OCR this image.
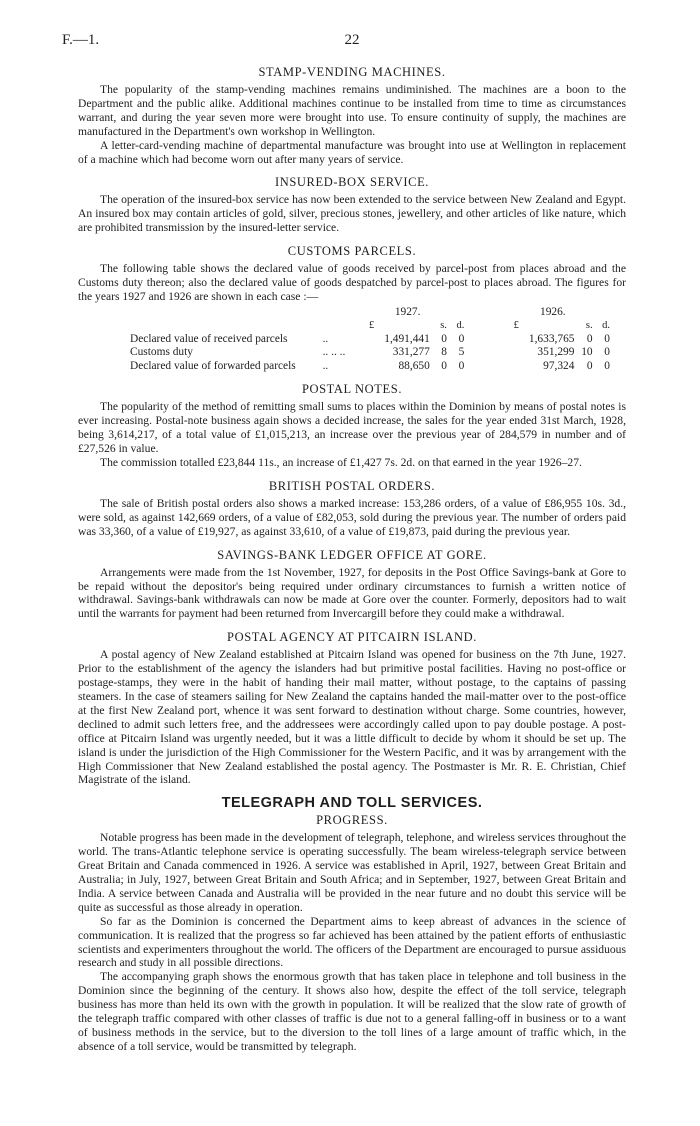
F.—1.	22
STAMP-VENDING MACHINES.

The popularity of the stamp-vending machines remains undiminished. The machines are a boon to the Department and the public alike. Additional machines continue to be installed from time to time as circumstances warrant, and during the year seven more were brought into use. To ensure continuity of supply, the machines are manufactured in the Department's own workshop in Wellington.

A letter-card-vending machine of departmental manufacture was brought into use at Wellington in replacement of a machine which had become worn out after many years of service.

INSURED-BOX SERVICE.

The operation of the insured-box service has now been extended to the service between New Zealand and Egypt. An insured box may contain articles of gold, silver, precious stones, jewellery, and other articles of like nature, which are prohibited transmission by the insured-letter service.

CUSTOMS PARCELS.

The following table shows the declared value of goods received by parcel-post from places abroad and the Customs duty thereon; also the declared value of goods despatched by parcel-post to places abroad. The figures for the years 1927 and 1926 are shown in each case :—

		1927.				1926.		
		£	s.	d.		£	s.	d.
Declared value of received parcels	..	1,491,441	0	0		1,633,765	0	0
Customs duty	.. .. ..	331,277	8	5		351,299	10	0
Declared value of forwarded parcels	..	88,650	0	0		97,324	0	0
POSTAL NOTES.

The popularity of the method of remitting small sums to places within the Dominion by means of postal notes is ever increasing. Postal-note business again shows a decided increase, the sales for the year ended 31st March, 1928, being 3,614,217, of a total value of £1,015,213, an increase over the previous year of 284,579 in number and of £27,526 in value.

The commission totalled £23,844 11s., an increase of £1,427 7s. 2d. on that earned in the year 1926–27.

BRITISH POSTAL ORDERS.

The sale of British postal orders also shows a marked increase: 153,286 orders, of a value of £86,955 10s. 3d., were sold, as against 142,669 orders, of a value of £82,053, sold during the previous year. The number of orders paid was 33,360, of a value of £19,927, as against 33,610, of a value of £19,873, paid during the previous year.

SAVINGS-BANK LEDGER OFFICE AT GORE.

Arrangements were made from the 1st November, 1927, for deposits in the Post Office Savings-bank at Gore to be repaid without the depositor's being required under ordinary circumstances to furnish a written notice of withdrawal. Savings-bank withdrawals can now be made at Gore over the counter. Formerly, depositors had to wait until the warrants for payment had been returned from Invercargill before they could make a withdrawal.

POSTAL AGENCY AT PITCAIRN ISLAND.

A postal agency of New Zealand established at Pitcairn Island was opened for business on the 7th June, 1927. Prior to the establishment of the agency the islanders had but primitive postal facilities. Having no post-office or postage-stamps, they were in the habit of handing their mail matter, without postage, to the captains of passing steamers. In the case of steamers sailing for New Zealand the captains handed the mail-matter over to the post-office at the first New Zealand port, whence it was sent forward to destination without charge. Some countries, however, declined to admit such letters free, and the addressees were accordingly called upon to pay double postage. A post-office at Pitcairn Island was urgently needed, but it was a little difficult to decide by whom it should be set up. The island is under the jurisdiction of the High Commissioner for the Western Pacific, and it was by arrangement with the High Commissioner that New Zealand established the postal agency. The Postmaster is Mr. R. E. Christian, Chief Magistrate of the island.

TELEGRAPH AND TOLL SERVICES.
PROGRESS.

Notable progress has been made in the development of telegraph, telephone, and wireless services throughout the world. The trans-Atlantic telephone service is operating successfully. The beam wireless-telegraph service between Great Britain and Canada commenced in 1926. A service was established in April, 1927, between Great Britain and Australia; in July, 1927, between Great Britain and South Africa; and in September, 1927, between Great Britain and India. A service between Canada and Australia will be provided in the near future and no doubt this service will be quite as successful as those already in operation.

So far as the Dominion is concerned the Department aims to keep abreast of advances in the science of communication. It is realized that the progress so far achieved has been attained by the patient efforts of enthusiastic scientists and experimenters throughout the world. The officers of the Department are encouraged to pursue assiduous research and study in all possible directions.

The accompanying graph shows the enormous growth that has taken place in telephone and toll business in the Dominion since the beginning of the century. It shows also how, despite the effect of the toll service, telegraph business has more than held its own with the growth in population. It will be realized that the slow rate of growth of the telegraph traffic compared with other classes of traffic is due not to a general falling-off in business or to a want of business methods in the service, but to the diversion to the toll lines of a large amount of traffic which, in the absence of a toll service, would be transmitted by telegraph.
